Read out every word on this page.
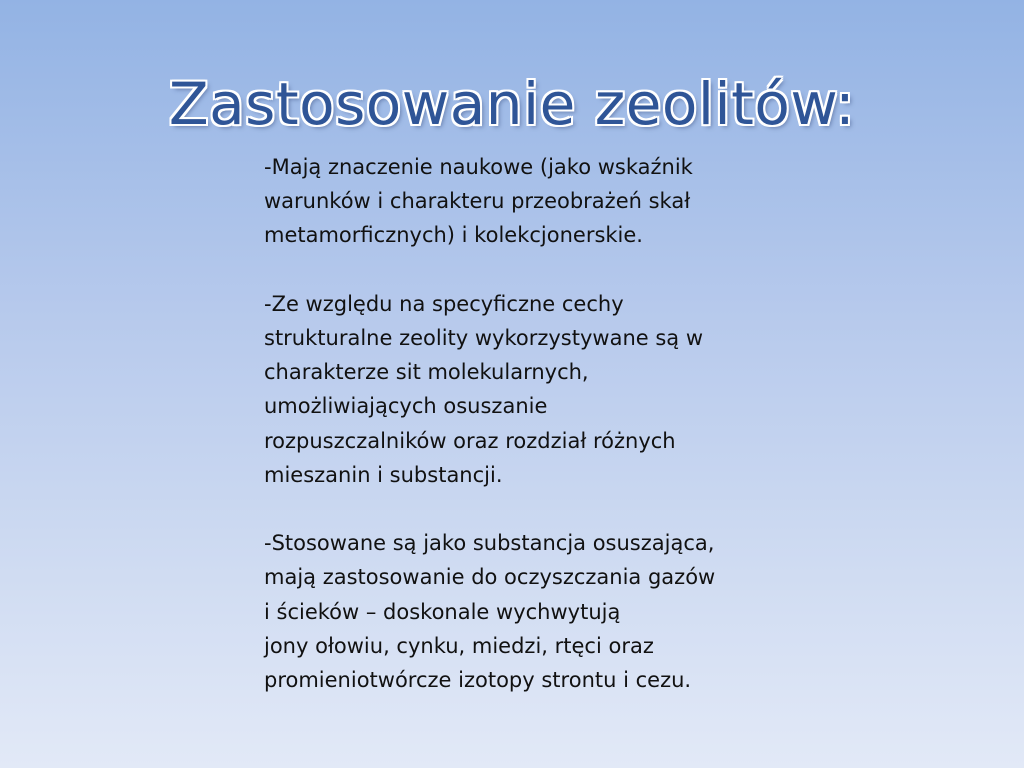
Zastosowanie zeolitów:

-Mają znaczenie naukowe (jako wskaźnik
warunków i charakteru przeobrażeń skał
metamorficznych) i kolekcjonerskie.

-Ze względu na specyficzne cechy
strukturalne zeolity wykorzystywane są w
charakterze sit molekularnych,
umożliwiających osuszanie
rozpuszczalników oraz rozdział różnych
mieszanin i substancji.

-Stosowane są jako substancja osuszająca,
mają zastosowanie do oczyszczania gazów
i ścieków – doskonale wychwytują
jony ołowiu, cynku, miedzi, rtęci oraz
promieniotwórcze izotopy strontu i cezu.
